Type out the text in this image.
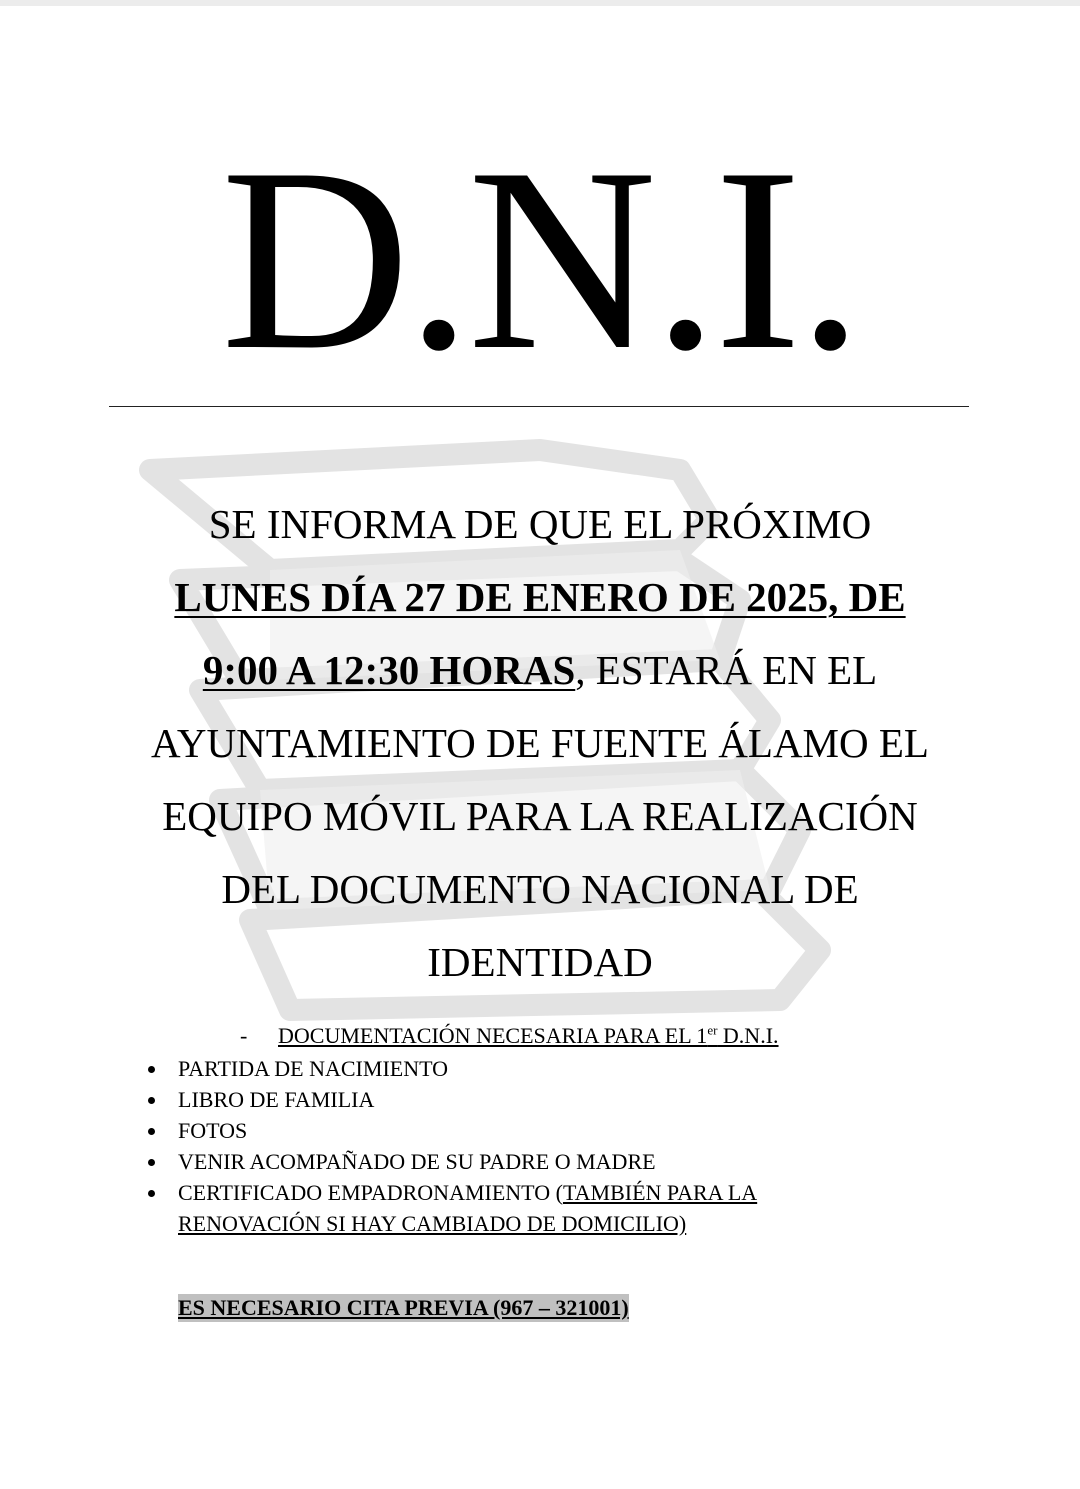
D.N.I.
SE INFORMA DE QUE EL PRÓXIMO
LUNES DÍA 27 DE ENERO DE 2025, DE
9:00 A 12:30 HORAS, ESTARÁ EN EL
AYUNTAMIENTO DE FUENTE ÁLAMO EL
EQUIPO MÓVIL PARA LA REALIZACIÓN
DEL DOCUMENTO NACIONAL DE
IDENTIDAD
- DOCUMENTACIÓN NECESARIA PARA EL 1er D.N.I.
PARTIDA DE NACIMIENTO
LIBRO DE FAMILIA
FOTOS
VENIR ACOMPAÑADO DE SU PADRE O MADRE
CERTIFICADO EMPADRONAMIENTO (TAMBIÉN PARA LA
RENOVACIÓN SI HAY CAMBIADO DE DOMICILIO)
ES NECESARIO CITA PREVIA (967 – 321001)
